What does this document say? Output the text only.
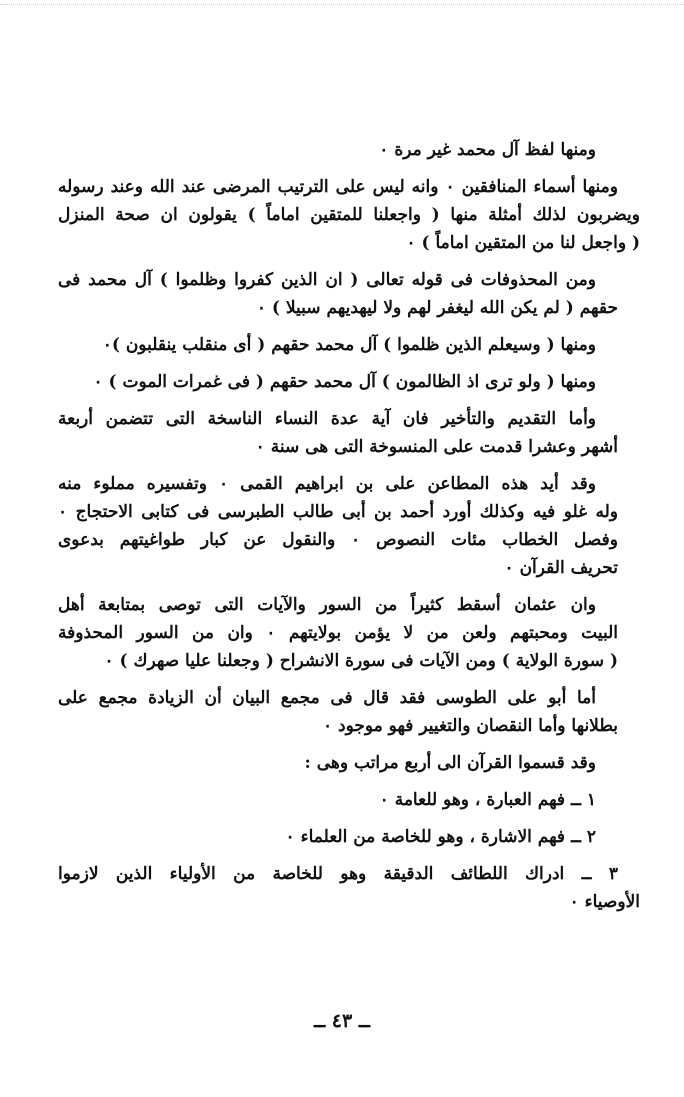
ومنها لفظ آل محمد غير مرة ٠
ومنها أسماء المنافقين ٠ وانه ليس على الترتيب المرضى عند الله وعند رسوله
ويضربون لذلك أمثلة منها ( واجعلنا للمتقين اماماً ) يقولون ان صحة المنزل
( واجعل لنا من المتقين اماماً ) ٠
ومن المحذوفات فى قوله تعالى ( ان الذين كفروا وظلموا ) آل محمد فى
حقهم ( لم يكن الله ليغفر لهم ولا ليهديهم سبيلا ) ٠
ومنها ( وسيعلم الذين ظلموا ) آل محمد حقهم ( أى منقلب ينقلبون )٠
ومنها ( ولو ترى اذ الظالمون ) آل محمد حقهم ( فى غمرات الموت ) ٠
وأما التقديم والتأخير فان آية عدة النساء الناسخة التى تتضمن أربعة
أشهر وعشرا قدمت على المنسوخة التى هى سنة ٠
وقد أيد هذه المطاعن على بن ابراهيم القمى ٠ وتفسيره مملوء منه
وله غلو فيه وكذلك أورد أحمد بن أبى طالب الطبرسى فى كتابى الاحتجاج ٠
وفصل الخطاب مئات النصوص ٠ والنقول عن كبار طواغيتهم بدعوى
تحريف القرآن ٠
وان عثمان أسقط كثيراً من السور والآيات التى توصى بمتابعة أهل
البيت ومحبتهم ولعن من لا يؤمن بولايتهم ٠ وان من السور المحذوفة
( سورة الولاية ) ومن الآيات فى سورة الانشراح ( وجعلنا عليا صهرك ) ٠
أما أبو على الطوسى فقد قال فى مجمع البيان أن الزيادة مجمع على
بطلانها وأما النقصان والتغيير فهو موجود ٠
وقد قسموا القرآن الى أربع مراتب وهى :
١ ــ فهم العبارة ، وهو للعامة ٠
٢ ــ فهم الاشارة ، وهو للخاصة من العلماء ٠
٣ ــ ادراك اللطائف الدقيقة وهو للخاصة من الأولياء الذين لازموا
الأوصياء ٠
ــ ٤٣ ــ
